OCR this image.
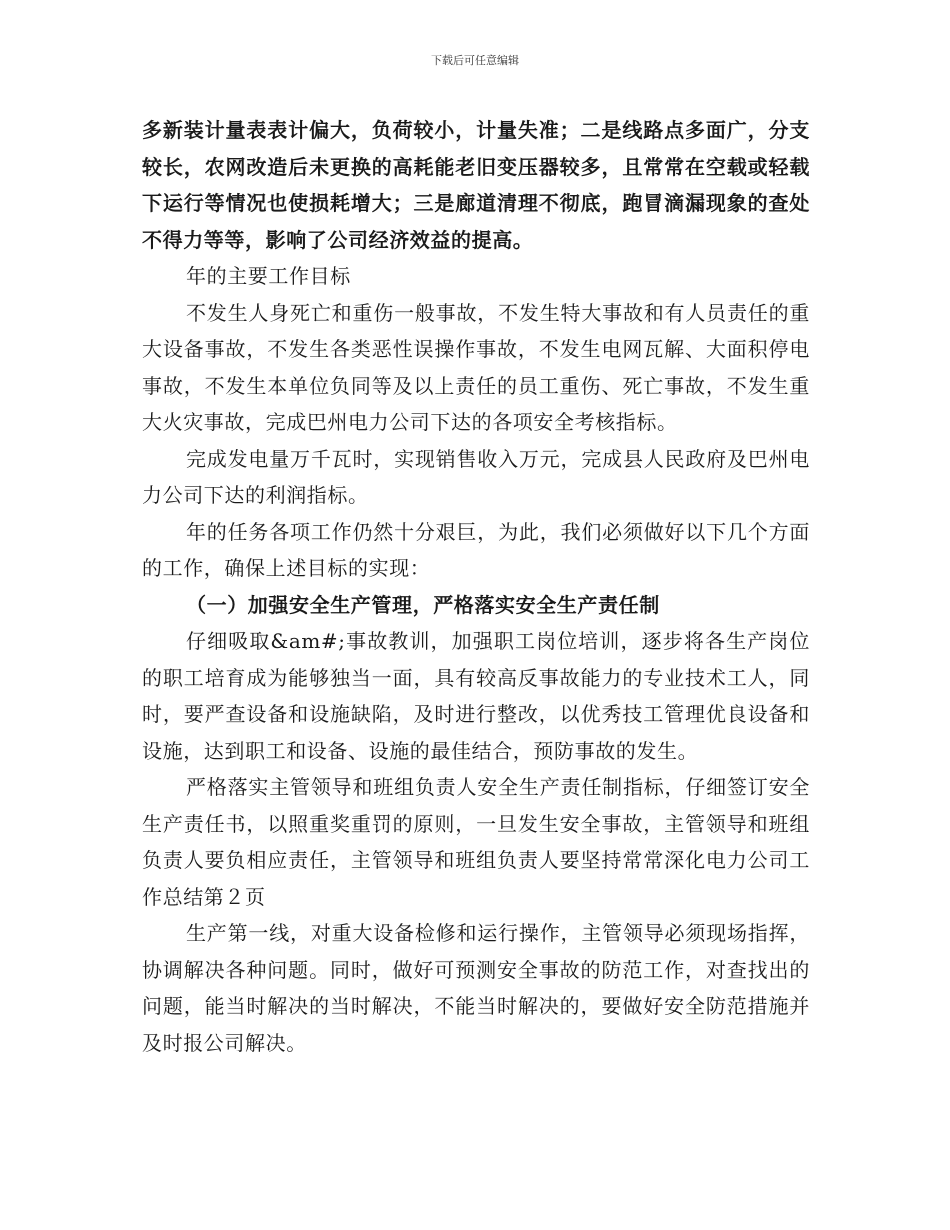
下载后可任意编辑

多新装计量表表计偏大，负荷较小，计量失准；二是线路点多面广，分支较长，农网改造后未更换的高耗能老旧变压器较多，且常常在空载或轻载下运行等情况也使损耗增大；三是廊道清理不彻底，跑冒滴漏现象的查处不得力等等，影响了公司经济效益的提高。

年的主要工作目标

不发生人身死亡和重伤一般事故，不发生特大事故和有人员责任的重大设备事故，不发生各类恶性误操作事故，不发生电网瓦解、大面积停电事故，不发生本单位负同等及以上责任的员工重伤、死亡事故，不发生重大火灾事故，完成巴州电力公司下达的各项安全考核指标。

完成发电量万千瓦时，实现销售收入万元，完成县人民政府及巴州电力公司下达的利润指标。

年的任务各项工作仍然十分艰巨，为此，我们必须做好以下几个方面的工作，确保上述目标的实现：

（一）加强安全生产管理，严格落实安全生产责任制

仔细吸取&am#;事故教训，加强职工岗位培训，逐步将各生产岗位的职工培育成为能够独当一面，具有较高反事故能力的专业技术工人，同时，要严查设备和设施缺陷，及时进行整改，以优秀技工管理优良设备和设施，达到职工和设备、设施的最佳结合，预防事故的发生。

严格落实主管领导和班组负责人安全生产责任制指标，仔细签订安全生产责任书，以照重奖重罚的原则，一旦发生安全事故，主管领导和班组负责人要负相应责任，主管领导和班组负责人要坚持常常深化电力公司工作总结第２页

生产第一线，对重大设备检修和运行操作，主管领导必须现场指挥，协调解决各种问题。同时，做好可预测安全事故的防范工作，对查找出的问题，能当时解决的当时解决，不能当时解决的，要做好安全防范措施并及时报公司解决。
